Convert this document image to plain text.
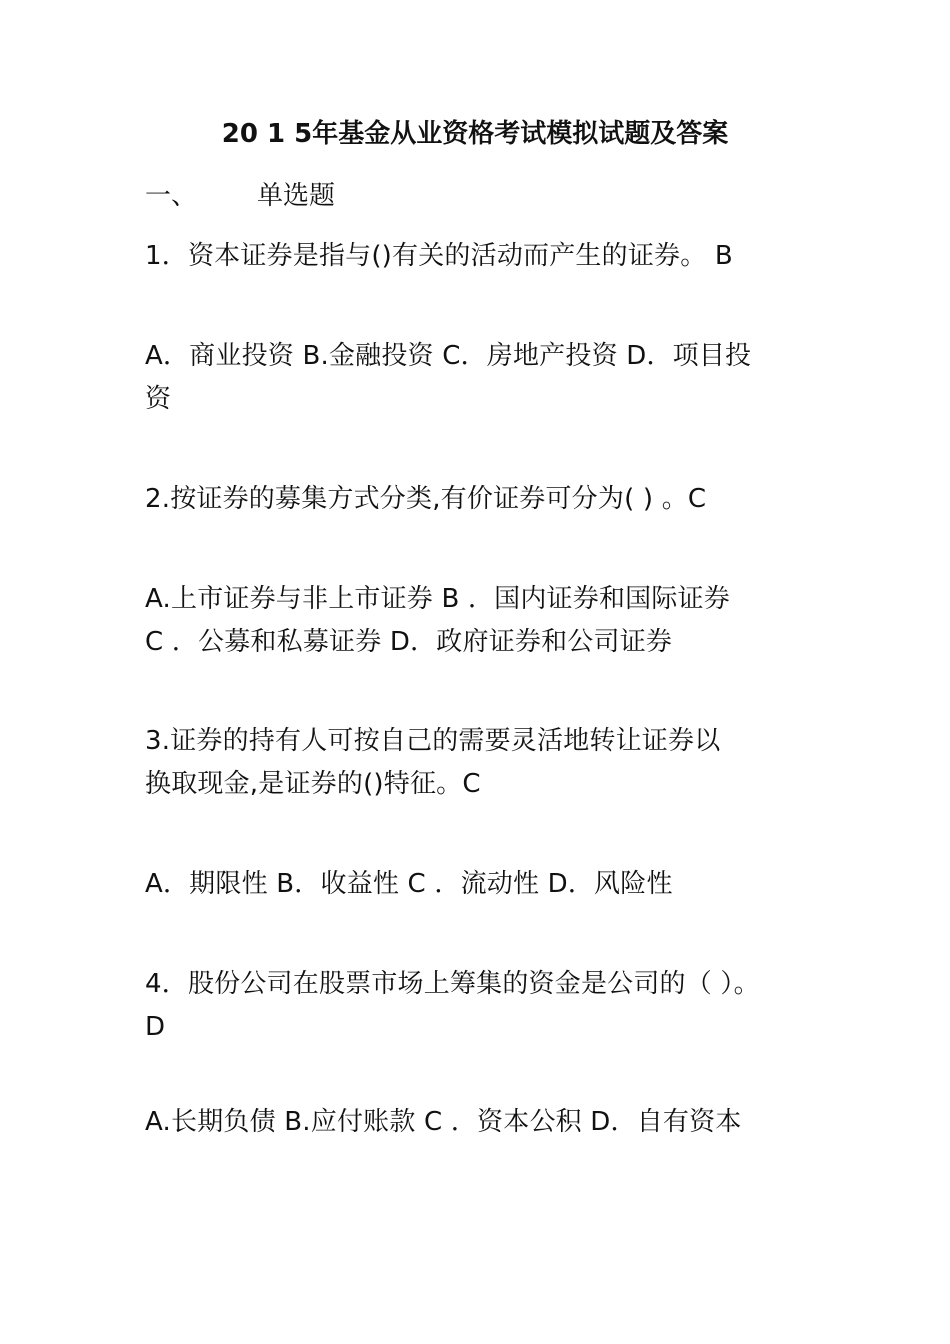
20 1 5年基金从业资格考试模拟试题及答案
一、 单选题
1．资本证券是指与()有关的活动而产生的证券。 B
A．商业投资 B.金融投资 C．房地产投资 D．项目投
资
2.按证券的募集方式分类,有价证券可分为( ) 。C
A.上市证券与非上市证券 B ．国内证券和国际证券
C ．公募和私募证券 D．政府证券和公司证券
3.证券的持有人可按自己的需要灵活地转让证券以
换取现金,是证券的()特征。C
A．期限性 B．收益性 C ．流动性 D．风险性
4．股份公司在股票市场上筹集的资金是公司的（ ）。
D
A.长期负债 B.应付账款 C ．资本公积 D．自有资本
